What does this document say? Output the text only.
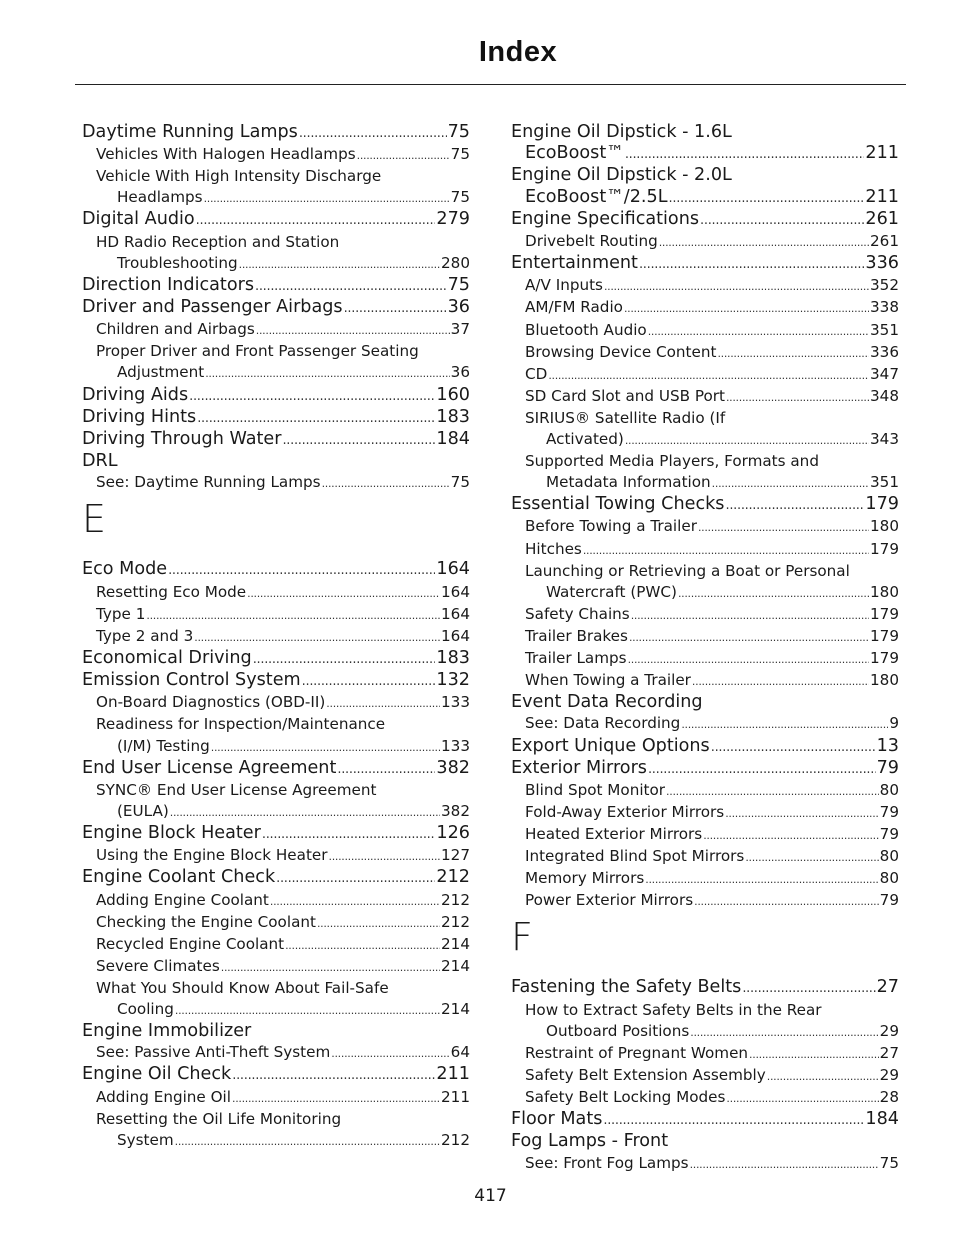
Index
Daytime Running Lamps .....	75
Vehicles With Halogen Headlamps .....	75
Vehicle With High Intensity Discharge
Headlamps .....	75
Digital Audio .....	279
HD Radio Reception and Station
Troubleshooting .....	280
Direction Indicators .....	75
Driver and Passenger Airbags .....	36
Children and Airbags .....	37
Proper Driver and Front Passenger Seating
Adjustment .....	36
Driving Aids .....	160
Driving Hints .....	183
Driving Through Water .....	184
DRL
See: Daytime Running Lamps .....	75
E
Eco Mode .....	164
Resetting Eco Mode .....	164
Type 1 .....	164
Type 2 and 3 .....	164
Economical Driving .....	183
Emission Control System .....	132
On-Board Diagnostics (OBD-II) .....	133
Readiness for Inspection/Maintenance
(I/M) Testing .....	133
End User License Agreement .....	382
SYNC® End User License Agreement
(EULA) .....	382
Engine Block Heater .....	126
Using the Engine Block Heater .....	127
Engine Coolant Check .....	212
Adding Engine Coolant .....	212
Checking the Engine Coolant .....	212
Recycled Engine Coolant .....	214
Severe Climates .....	214
What You Should Know About Fail-Safe
Cooling .....	214
Engine Immobilizer
See: Passive Anti-Theft System .....	64
Engine Oil Check .....	211
Adding Engine Oil .....	211
Resetting the Oil Life Monitoring
System .....	212
Engine Oil Dipstick - 1.6L
EcoBoost™ .....	211
Engine Oil Dipstick - 2.0L
EcoBoost™/2.5L .....	211
Engine Specifications .....	261
Drivebelt Routing .....	261
Entertainment .....	336
A/V Inputs .....	352
AM/FM Radio .....	338
Bluetooth Audio .....	351
Browsing Device Content .....	336
CD .....	347
SD Card Slot and USB Port .....	348
SIRIUS® Satellite Radio (If
Activated) .....	343
Supported Media Players, Formats and
Metadata Information .....	351
Essential Towing Checks .....	179
Before Towing a Trailer .....	180
Hitches .....	179
Launching or Retrieving a Boat or Personal
Watercraft (PWC) .....	180
Safety Chains .....	179
Trailer Brakes .....	179
Trailer Lamps .....	179
When Towing a Trailer .....	180
Event Data Recording
See: Data Recording .....	9
Export Unique Options .....	13
Exterior Mirrors .....	79
Blind Spot Monitor .....	80
Fold-Away Exterior Mirrors .....	79
Heated Exterior Mirrors .....	79
Integrated Blind Spot Mirrors .....	80
Memory Mirrors .....	80
Power Exterior Mirrors .....	79
F
Fastening the Safety Belts .....	27
How to Extract Safety Belts in the Rear
Outboard Positions .....	29
Restraint of Pregnant Women .....	27
Safety Belt Extension Assembly .....	29
Safety Belt Locking Modes .....	28
Floor Mats .....	184
Fog Lamps - Front
See: Front Fog Lamps .....	75
417
